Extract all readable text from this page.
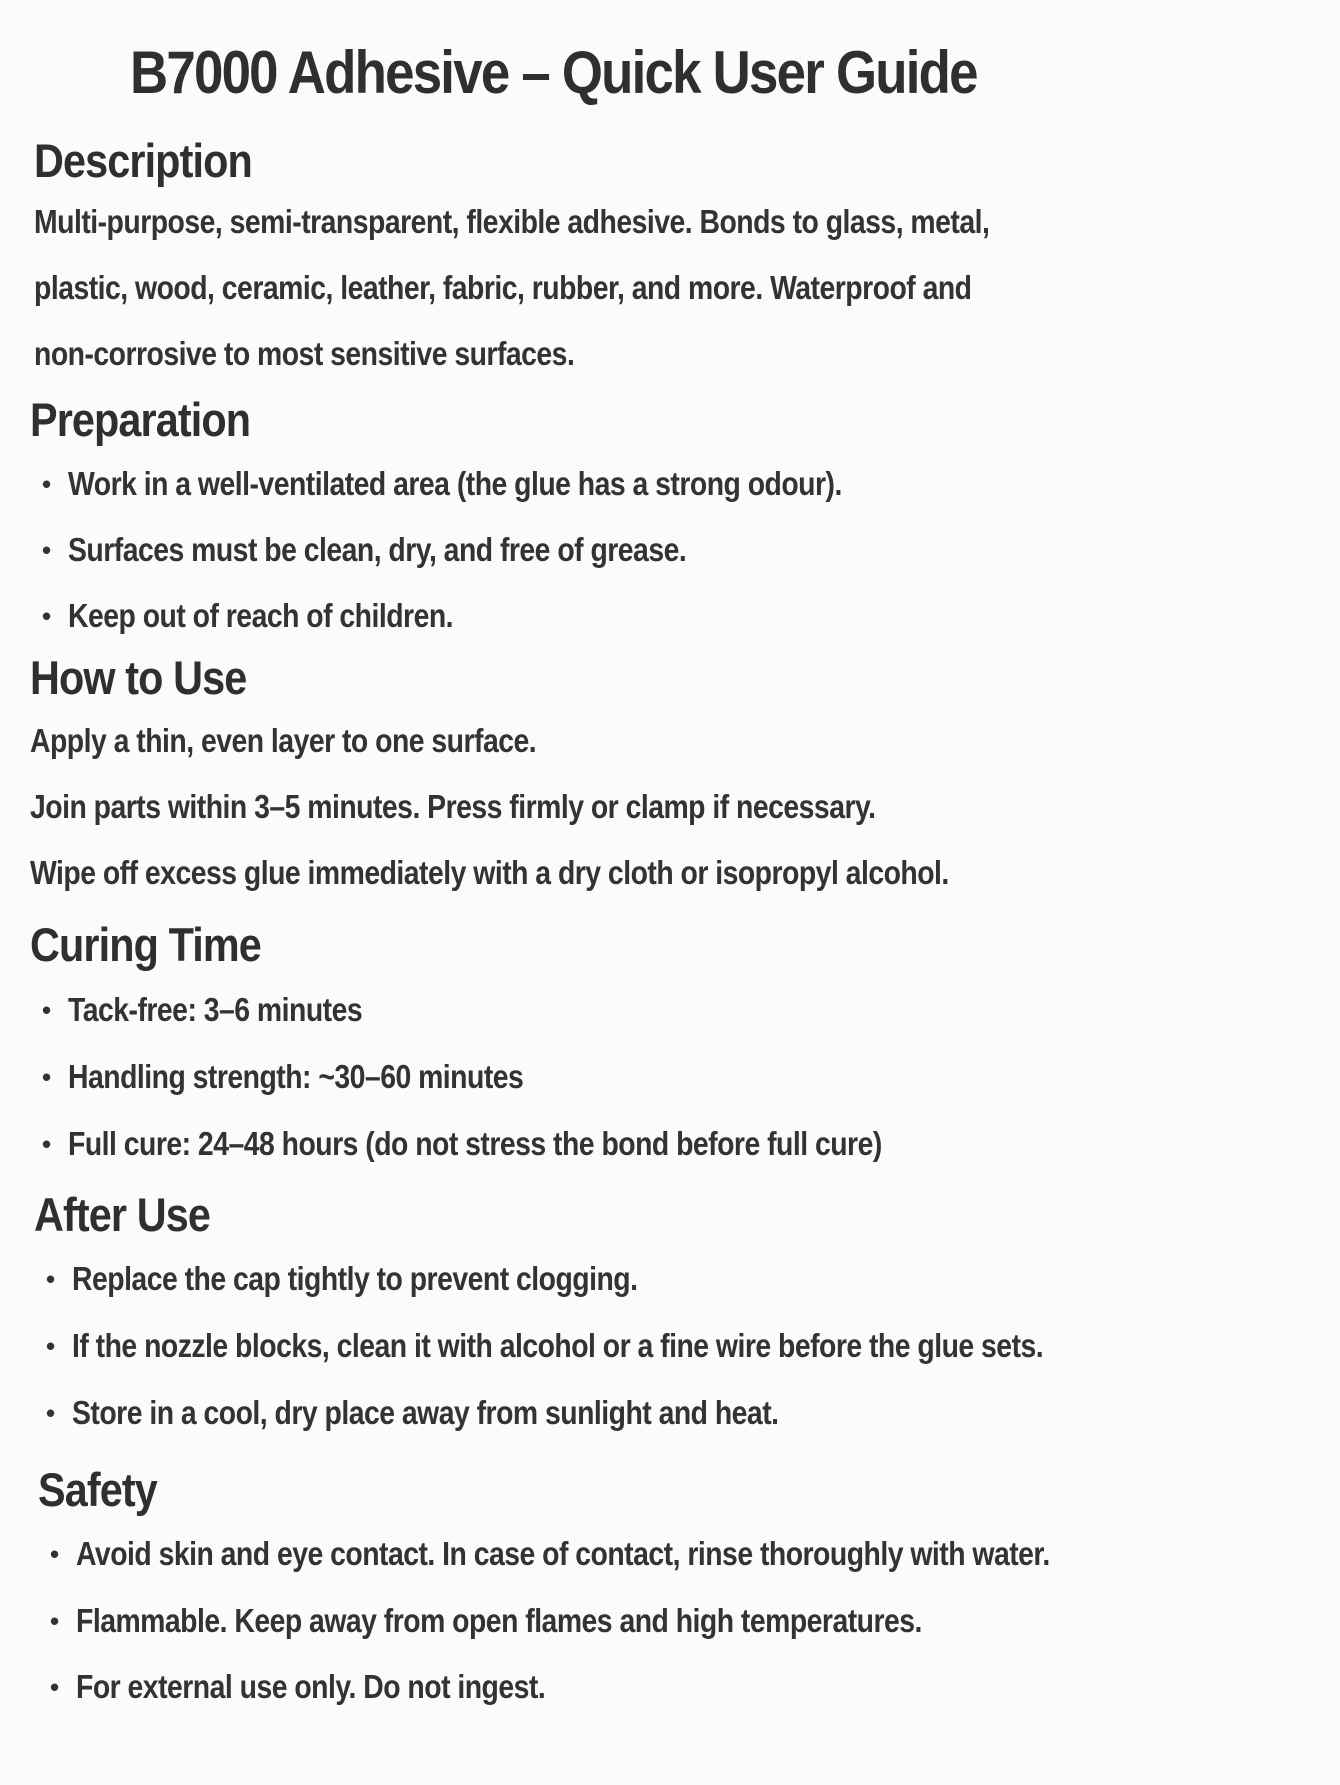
B7000 Adhesive – Quick User Guide
Description
Multi-purpose, semi-transparent, flexible adhesive. Bonds to glass, metal,
plastic, wood, ceramic, leather, fabric, rubber, and more. Waterproof and
non-corrosive to most sensitive surfaces.
Preparation
• Work in a well-ventilated area (the glue has a strong odour).
• Surfaces must be clean, dry, and free of grease.
• Keep out of reach of children.
How to Use
Apply a thin, even layer to one surface.
Join parts within 3–5 minutes. Press firmly or clamp if necessary.
Wipe off excess glue immediately with a dry cloth or isopropyl alcohol.
Curing Time
• Tack-free: 3–6 minutes
• Handling strength: ~30–60 minutes
• Full cure: 24–48 hours (do not stress the bond before full cure)
After Use
• Replace the cap tightly to prevent clogging.
• If the nozzle blocks, clean it with alcohol or a fine wire before the glue sets.
• Store in a cool, dry place away from sunlight and heat.
Safety
• Avoid skin and eye contact. In case of contact, rinse thoroughly with water.
• Flammable. Keep away from open flames and high temperatures.
• For external use only. Do not ingest.
